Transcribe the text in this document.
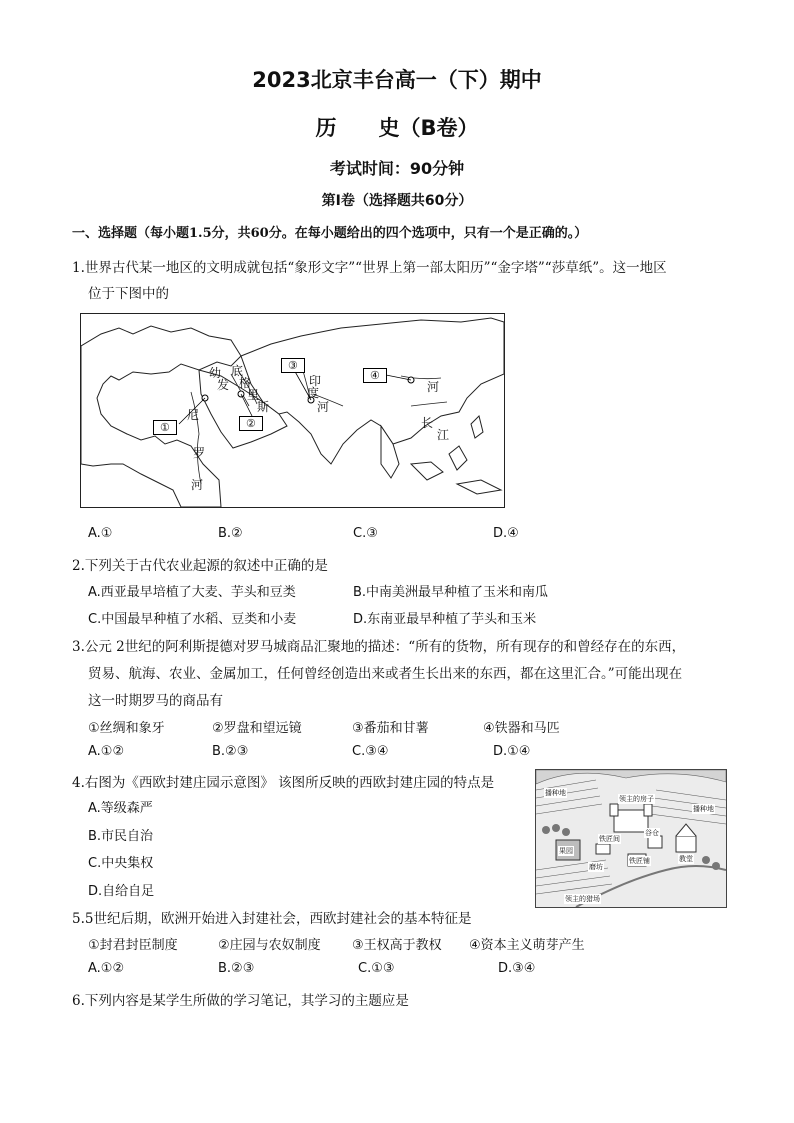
2023北京丰台高一（下）期中
历　　史（B卷）
考试时间：90分钟
第Ⅰ卷（选择题共60分）
一、选择题（每小题1.5分，共60分。在每小题给出的四个选项中，只有一个是正确的。）
1.世界古代某一地区的文明成就包括“象形文字”“世界上第一部太阳历”“金字塔”“莎草纸”。这一地区
位于下图中的
幼
发
底
格
里
斯
尼
罗
河
印
度
河
长
江
河
①	②
③
④
A.①	B.②	C.③	D.④
2.下列关于古代农业起源的叙述中正确的是
A.西亚最早培植了大麦、芋头和豆类	B.中南美洲最早种植了玉米和南瓜
C.中国最早种植了水稻、豆类和小麦	D.东南亚最早种植了芋头和玉米
3.公元 2世纪的阿利斯提德对罗马城商品汇聚地的描述：“所有的货物，所有现存的和曾经存在的东西，
贸易、航海、农业、金属加工，任何曾经创造出来或者生长出来的东西，都在这里汇合。”可能出现在
这一时期罗马的商品有
①丝绸和象牙	②罗盘和望远镜	③番茄和甘薯	④铁器和马匹
A.①②	B.②③	C.③④	D.①④
4.右图为《西欧封建庄园示意图》 该图所反映的西欧封建庄园的特点是
A.等级森严
B.市民自治
C.中央集权
D.自给自足
播种地
领主的房子
播种地
铁匠间
谷仓
教堂
果园
磨坊
铁匠铺
领主的猎场
5.5世纪后期，欧洲开始进入封建社会，西欧封建社会的基本特征是
①封君封臣制度	②庄园与农奴制度 ③王权高于教权 ④资本主义萌芽产生
A.①②	B.②③	C.①③	D.③④
6.下列内容是某学生所做的学习笔记，其学习的主题应是
